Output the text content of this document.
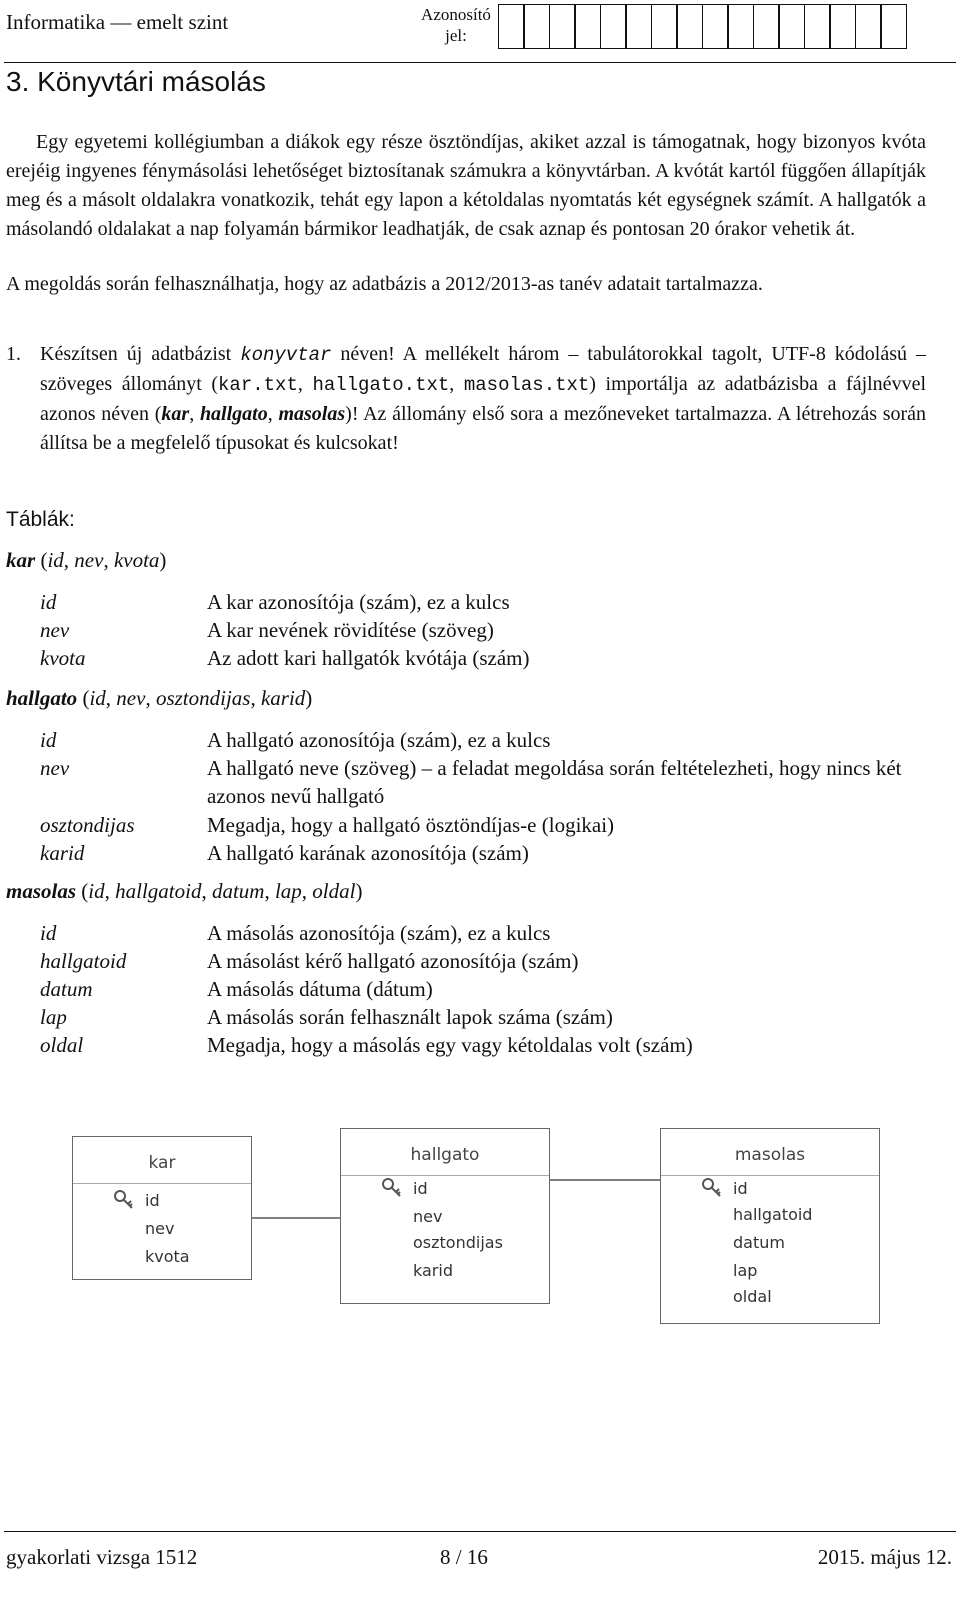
Informatika — emelt szint	Azonosító
jel:
3. Könyvtári másolás

Egy egyetemi kollégiumban a diákok egy része ösztöndíjas, akiket azzal is támogatnak, hogy bizonyos kvóta erejéig ingyenes fénymásolási lehetőséget biztosítanak számukra a könyvtárban. A kvótát kartól függően állapítják meg és a másolt oldalakra vonatkozik, tehát egy lapon a kétoldalas nyomtatás két egységnek számít. A hallgatók a másolandó oldalakat a nap folyamán bármikor leadhatják, de csak aznap és pontosan 20 órakor vehetik át.

A megoldás során felhasználhatja, hogy az adatbázis a 2012/2013-as tanév adatait tartalmazza.

1. Készítsen új adatbázist konyvtar néven! A mellékelt három – tabulátorokkal tagolt, UTF-8 kódolású – szöveges állományt (kar.txt, hallgato.txt, masolas.txt) importálja az adatbázisba a fájlnévvel azonos néven (kar, hallgato, masolas)! Az állomány első sora a mezőneveket tartalmazza. A létrehozás során állítsa be a megfelelő típusokat és kulcsokat!
Táblák:
kar (id, nev, kvota)
id	A kar azonosítója (szám), ez a kulcs
nev	A kar nevének rövidítése (szöveg)
kvota	Az adott kari hallgatók kvótája (szám)
hallgato (id, nev, osztondijas, karid)
id	A hallgató azonosítója (szám), ez a kulcs
nev	A hallgató neve (szöveg) – a feladat megoldása során feltételezheti, hogy nincs két azonos nevű hallgató
osztondijas	Megadja, hogy a hallgató ösztöndíjas-e (logikai)
karid	A hallgató karának azonosítója (szám)
masolas (id, hallgatoid, datum, lap, oldal)
id	A másolás azonosítója (szám), ez a kulcs
hallgatoid	A másolást kérő hallgató azonosítója (szám)
datum	A másolás dátuma (dátum)
lap	A másolás során felhasznált lapok száma (szám)
oldal	Megadja, hogy a másolás egy vagy kétoldalas volt (szám)
kar
id
nev
kvota
hallgato
id
nev
osztondijas
karid
masolas
id
hallgatoid
datum
lap
oldal
gyakorlati vizsga 1512	8 / 16	2015. május 12.
